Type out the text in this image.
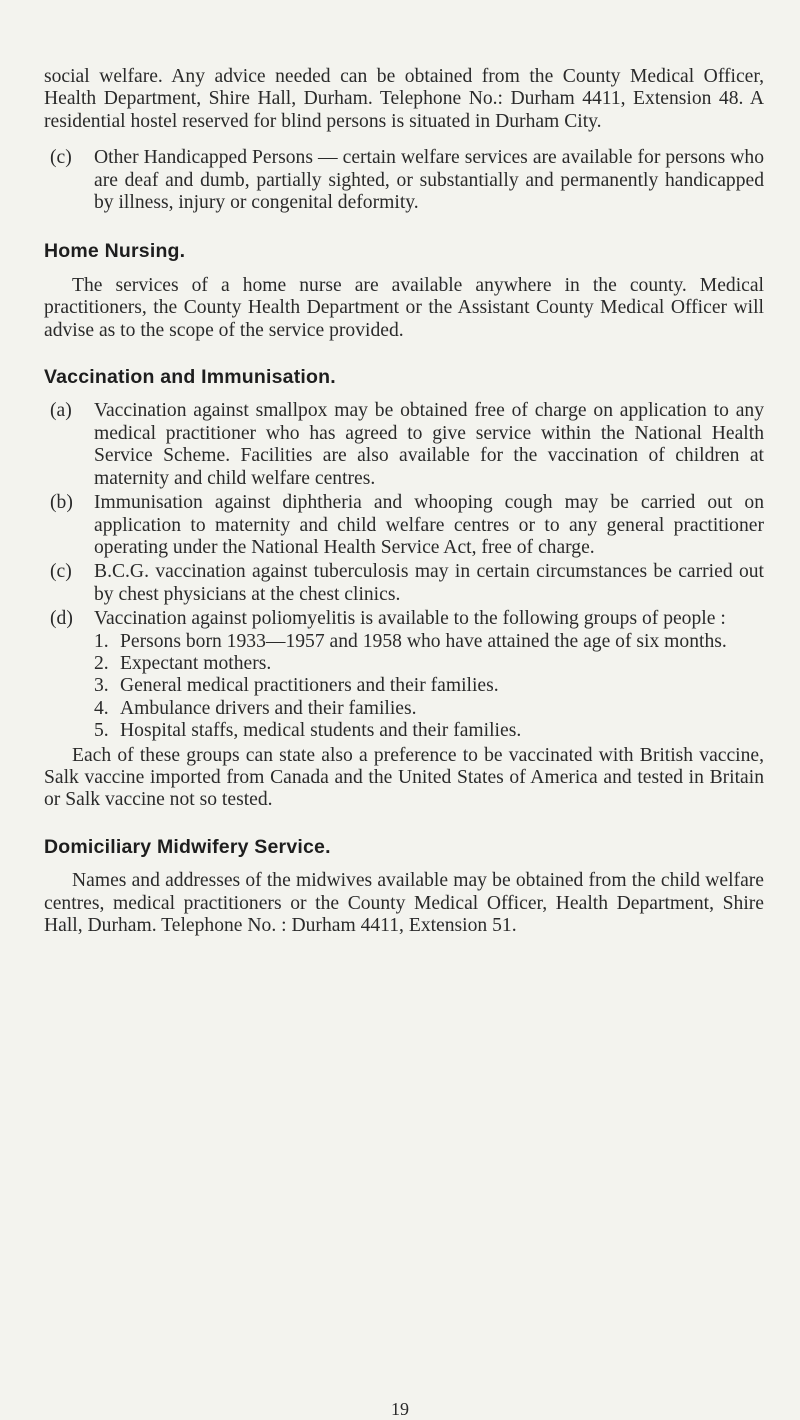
social welfare. Any advice needed can be obtained from the County Medical Officer, Health Department, Shire Hall, Durham. Telephone No.: Durham 4411, Extension 48. A residential hostel reserved for blind persons is situated in Durham City.

(c)	Other Handicapped Persons — certain welfare services are available for persons who are deaf and dumb, partially sighted, or substantially and permanently handicapped by illness, injury or congenital deformity.
Home Nursing.

The services of a home nurse are available anywhere in the county. Medical practitioners, the County Health Department or the Assistant County Medical Officer will advise as to the scope of the service provided.

Vaccination and Immunisation.
(a)	Vaccination against smallpox may be obtained free of charge on application to any medical practitioner who has agreed to give service within the National Health Service Scheme. Facilities are also available for the vaccination of children at maternity and child welfare centres.
(b)	Immunisation against diphtheria and whooping cough may be carried out on application to maternity and child welfare centres or to any general practitioner operating under the National Health Service Act, free of charge.
(c)	B.C.G. vaccination against tuberculosis may in certain circumstances be carried out by chest physicians at the chest clinics.
(d)	Vaccination against poliomyelitis is available to the following groups of people :
1. Persons born 1933—1957 and 1958 who have attained the age of six months.
2. Expectant mothers.
3. General medical practitioners and their families.
4. Ambulance drivers and their families.
5. Hospital staffs, medical students and their families.

Each of these groups can state also a preference to be vaccinated with British vaccine, Salk vaccine imported from Canada and the United States of America and tested in Britain or Salk vaccine not so tested.

Domiciliary Midwifery Service.

Names and addresses of the midwives available may be obtained from the child welfare centres, medical practitioners or the County Medical Officer, Health Department, Shire Hall, Durham. Telephone No. : Durham 4411, Extension 51.

19
